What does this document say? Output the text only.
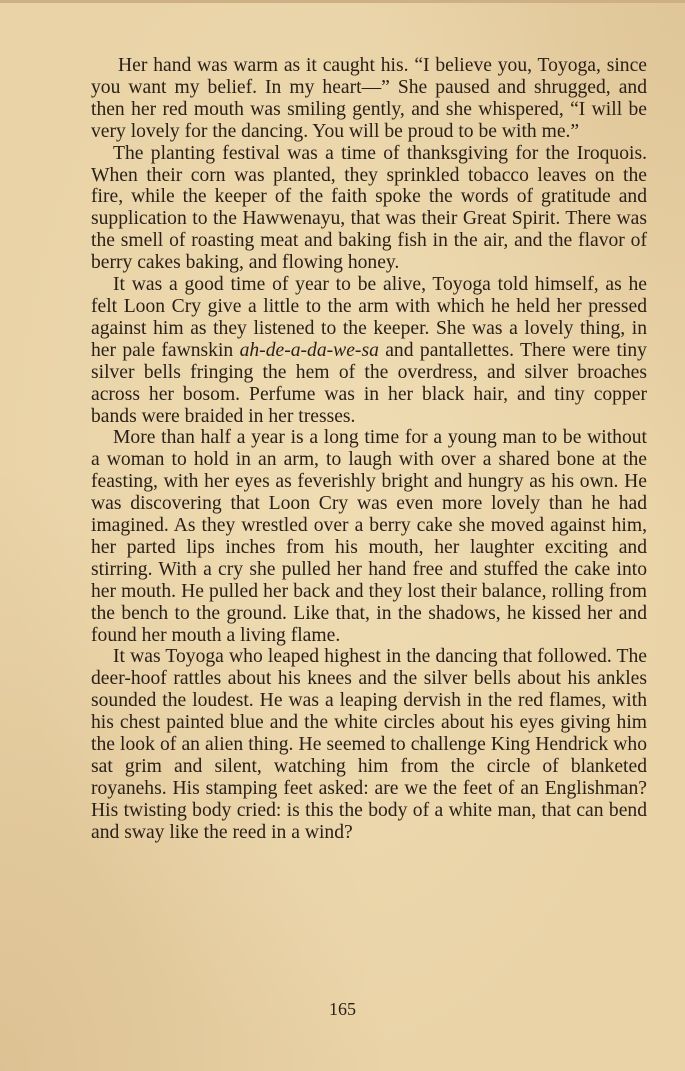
Her hand was warm as it caught his. “I believe you, Toyoga, since you want my belief. In my heart—” She paused and shrugged, and then her red mouth was smiling gently, and she whispered, “I will be very lovely for the dancing. You will be proud to be with me.”

The planting festival was a time of thanksgiving for the Iroquois. When their corn was planted, they sprinkled tobacco leaves on the fire, while the keeper of the faith spoke the words of gratitude and supplication to the Hawwenayu, that was their Great Spirit. There was the smell of roasting meat and baking fish in the air, and the flavor of berry cakes baking, and flowing honey.

It was a good time of year to be alive, Toyoga told himself, as he felt Loon Cry give a little to the arm with which he held her pressed against him as they listened to the keeper. She was a lovely thing, in her pale fawnskin ah-de-a-da-we-sa and pantallettes. There were tiny silver bells fringing the hem of the overdress, and silver broaches across her bosom. Perfume was in her black hair, and tiny copper bands were braided in her tresses.

More than half a year is a long time for a young man to be without a woman to hold in an arm, to laugh with over a shared bone at the feasting, with her eyes as feverishly bright and hungry as his own. He was discovering that Loon Cry was even more lovely than he had imagined. As they wrestled over a berry cake she moved against him, her parted lips inches from his mouth, her laughter exciting and stirring. With a cry she pulled her hand free and stuffed the cake into her mouth. He pulled her back and they lost their balance, rolling from the bench to the ground. Like that, in the shadows, he kissed her and found her mouth a living flame.

It was Toyoga who leaped highest in the dancing that followed. The deer-hoof rattles about his knees and the silver bells about his ankles sounded the loudest. He was a leaping dervish in the red flames, with his chest painted blue and the white circles about his eyes giving him the look of an alien thing. He seemed to challenge King Hendrick who sat grim and silent, watching him from the circle of blanketed royanehs. His stamping feet asked: are we the feet of an Englishman? His twisting body cried: is this the body of a white man, that can bend and sway like the reed in a wind?

165
